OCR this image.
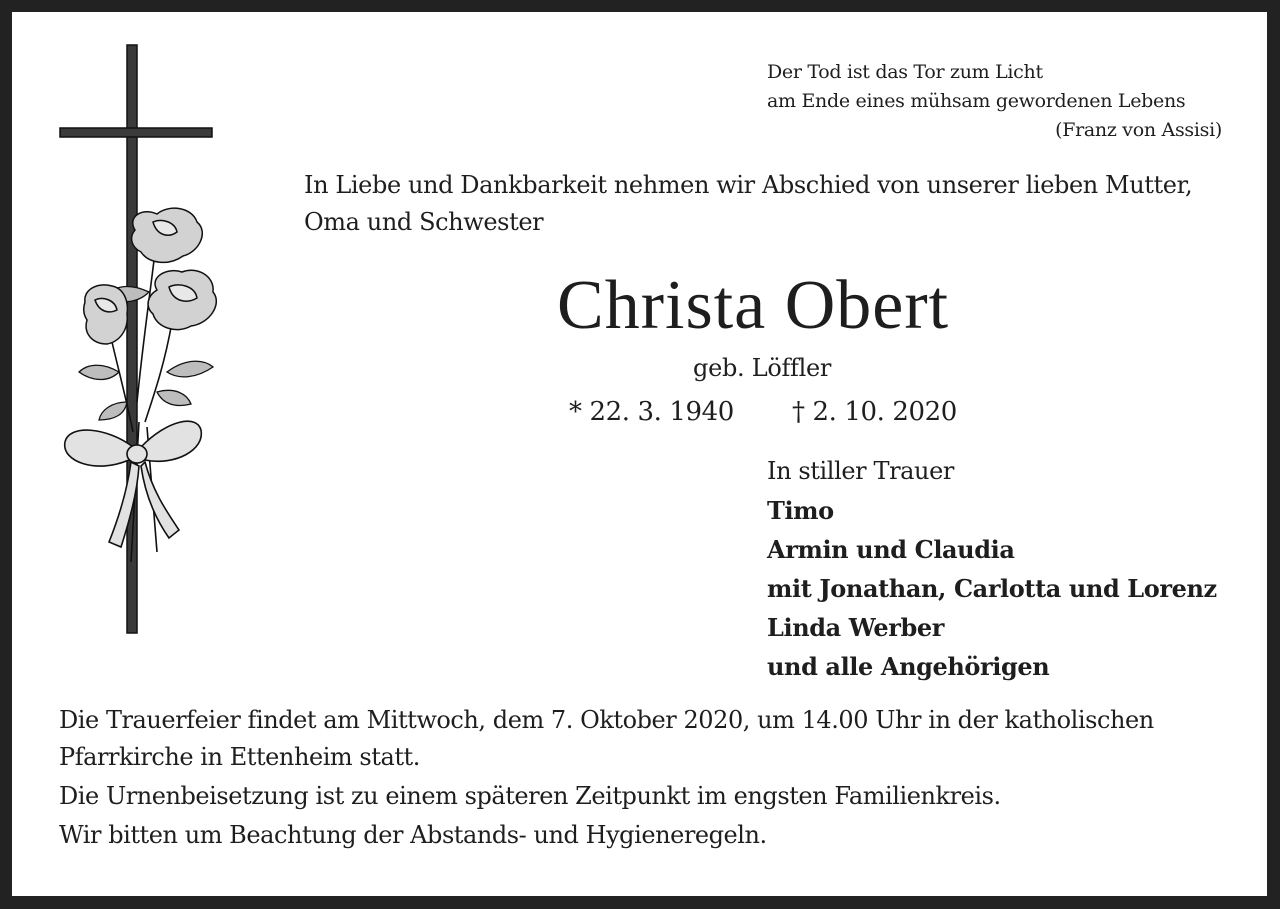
Der Tod ist das Tor zum Licht
am Ende eines mühsam gewordenen Lebens
(Franz von Assisi)
In Liebe und Dankbarkeit nehmen wir Abschied von unserer lieben Mutter,
Oma und Schwester
Christa Obert
geb. Löffler
* 22. 3. 1940 † 2. 10. 2020
In stiller Trauer

Timo
Armin und Claudia
mit Jonathan, Carlotta und Lorenz
Linda Werber
und alle Angehörigen
Die Trauerfeier findet am Mittwoch, dem 7. Oktober 2020, um 14.00 Uhr in der katholischen
Pfarrkirche in Ettenheim statt.
Die Urnenbeisetzung ist zu einem späteren Zeitpunkt im engsten Familienkreis.
Wir bitten um Beachtung der Abstands- und Hygieneregeln.
